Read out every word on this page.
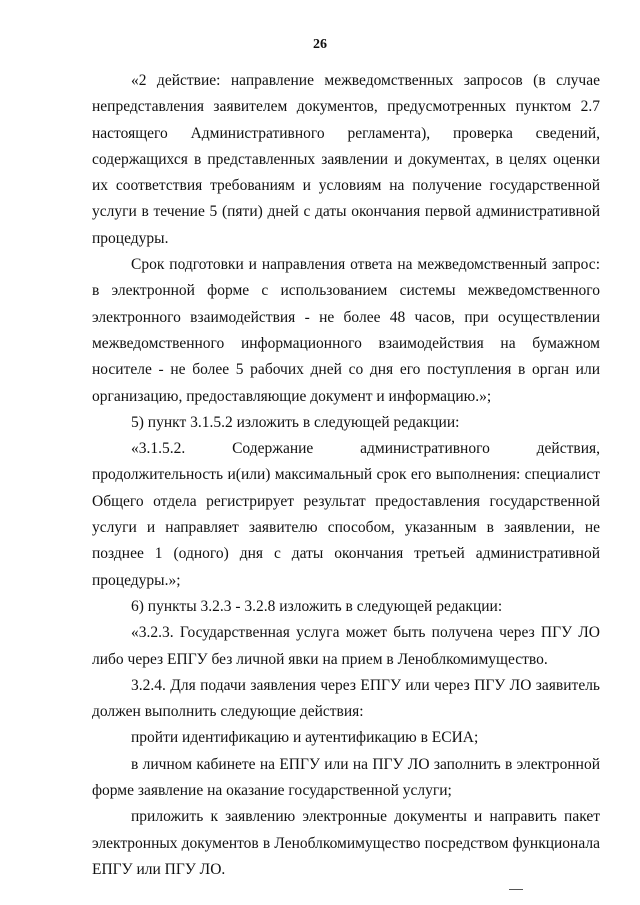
26

«2 действие: направление межведомственных запросов (в случае непредставления заявителем документов, предусмотренных пунктом 2.7 настоящего Административного регламента), проверка сведений, содержащихся в представленных заявлении и документах, в целях оценки их соответствия требованиям и условиям на получение государственной услуги в течение 5 (пяти) дней с даты окончания первой административной процедуры.

Срок подготовки и направления ответа на межведомственный запрос: в электронной форме с использованием системы межведомственного электронного взаимодействия - не более 48 часов, при осуществлении межведомственного информационного взаимодействия на бумажном носителе - не более 5 рабочих дней со дня его поступления в орган или организацию, предоставляющие документ и информацию.»;

5) пункт 3.1.5.2 изложить в следующей редакции:

«3.1.5.2. Содержание административного действия, продолжительность и(или) максимальный срок его выполнения: специалист Общего отдела регистрирует результат предоставления государственной услуги и направляет заявителю способом, указанным в заявлении, не позднее 1 (одного) дня с даты окончания третьей административной процедуры.»;

6) пункты 3.2.3 - 3.2.8 изложить в следующей редакции:

«3.2.3. Государственная услуга может быть получена через ПГУ ЛО либо через ЕПГУ без личной явки на прием в Леноблкомимущество.

3.2.4. Для подачи заявления через ЕПГУ или через ПГУ ЛО заявитель должен выполнить следующие действия:

пройти идентификацию и аутентификацию в ЕСИА;

в личном кабинете на ЕПГУ или на ПГУ ЛО заполнить в электронной форме заявление на оказание государственной услуги;

приложить к заявлению электронные документы и направить пакет электронных документов в Леноблкомимущество посредством функционала ЕПГУ или ПГУ ЛО.
